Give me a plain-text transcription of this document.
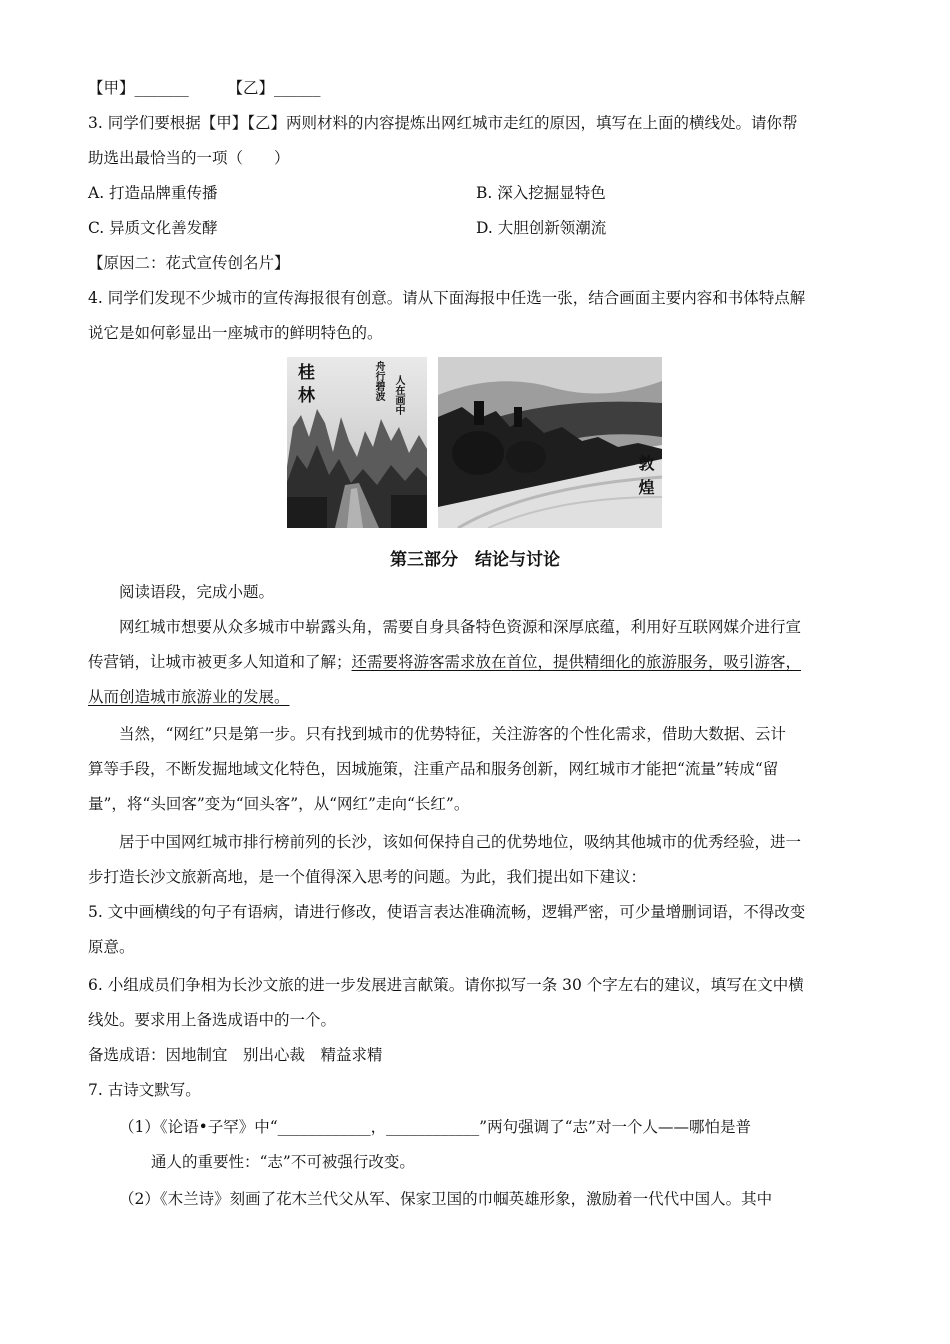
【甲】_______　　　【乙】______
3. 同学们要根据【甲】【乙】两则材料的内容提炼出网红城市走红的原因，填写在上面的横线处。请你帮
助选出最恰当的一项（　　）
A. 打造品牌重传播	B. 深入挖掘显特色
C. 异质文化善发酵	D. 大胆创新领潮流
【原因二：花式宣传创名片】
4. 同学们发现不少城市的宣传海报很有创意。请从下面海报中任选一张，结合画面主要内容和书体特点解
说它是如何彰显出一座城市的鲜明特色的。
桂林	舟行碧波 人在画中
敦煌
第三部分　结论与讨论
阅读语段，完成小题。
网红城市想要从众多城市中崭露头角，需要自身具备特色资源和深厚底蕴，利用好互联网媒介进行宣
传营销，让城市被更多人知道和了解；还需要将游客需求放在首位，提供精细化的旅游服务，吸引游客，
从而创造城市旅游业的发展。
当然，“网红”只是第一步。只有找到城市的优势特征，关注游客的个性化需求，借助大数据、云计
算等手段，不断发掘地域文化特色，因城施策，注重产品和服务创新，网红城市才能把“流量”转成“留
量”，将“头回客”变为“回头客”，从“网红”走向“长红”。
居于中国网红城市排行榜前列的长沙，该如何保持自己的优势地位，吸纳其他城市的优秀经验，进一
步打造长沙文旅新高地，是一个值得深入思考的问题。为此，我们提出如下建议：
5. 文中画横线的句子有语病，请进行修改，使语言表达准确流畅，逻辑严密，可少量增删词语，不得改变
原意。
6. 小组成员们争相为长沙文旅的进一步发展进言献策。请你拟写一条 30 个字左右的建议，填写在文中横
线处。要求用上备选成语中的一个。
备选成语：因地制宜　别出心裁　精益求精
7. 古诗文默写。
（1）《论语•子罕》中“____________，____________”两句强调了“志”对一个人——哪怕是普
通人的重要性：“志”不可被强行改变。
（2）《木兰诗》刻画了花木兰代父从军、保家卫国的巾帼英雄形象，激励着一代代中国人。其中
